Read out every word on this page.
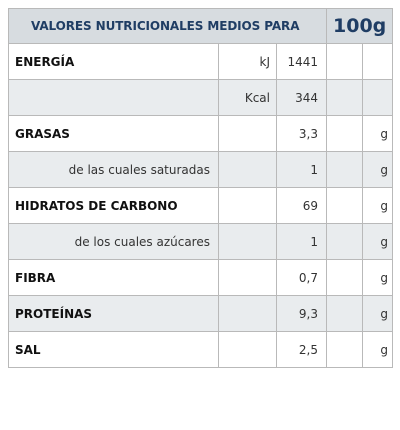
VALORES NUTRICIONALES MEDIOS PARA			100g	
ENERGÍA	kJ	1441		
	Kcal	344		
GRASAS		3,3		g
de las cuales saturadas		1		g
HIDRATOS DE CARBONO		69		g
de los cuales azúcares		1		g
FIBRA		0,7		g
PROTEÍNAS		9,3		g
SAL		2,5		g
